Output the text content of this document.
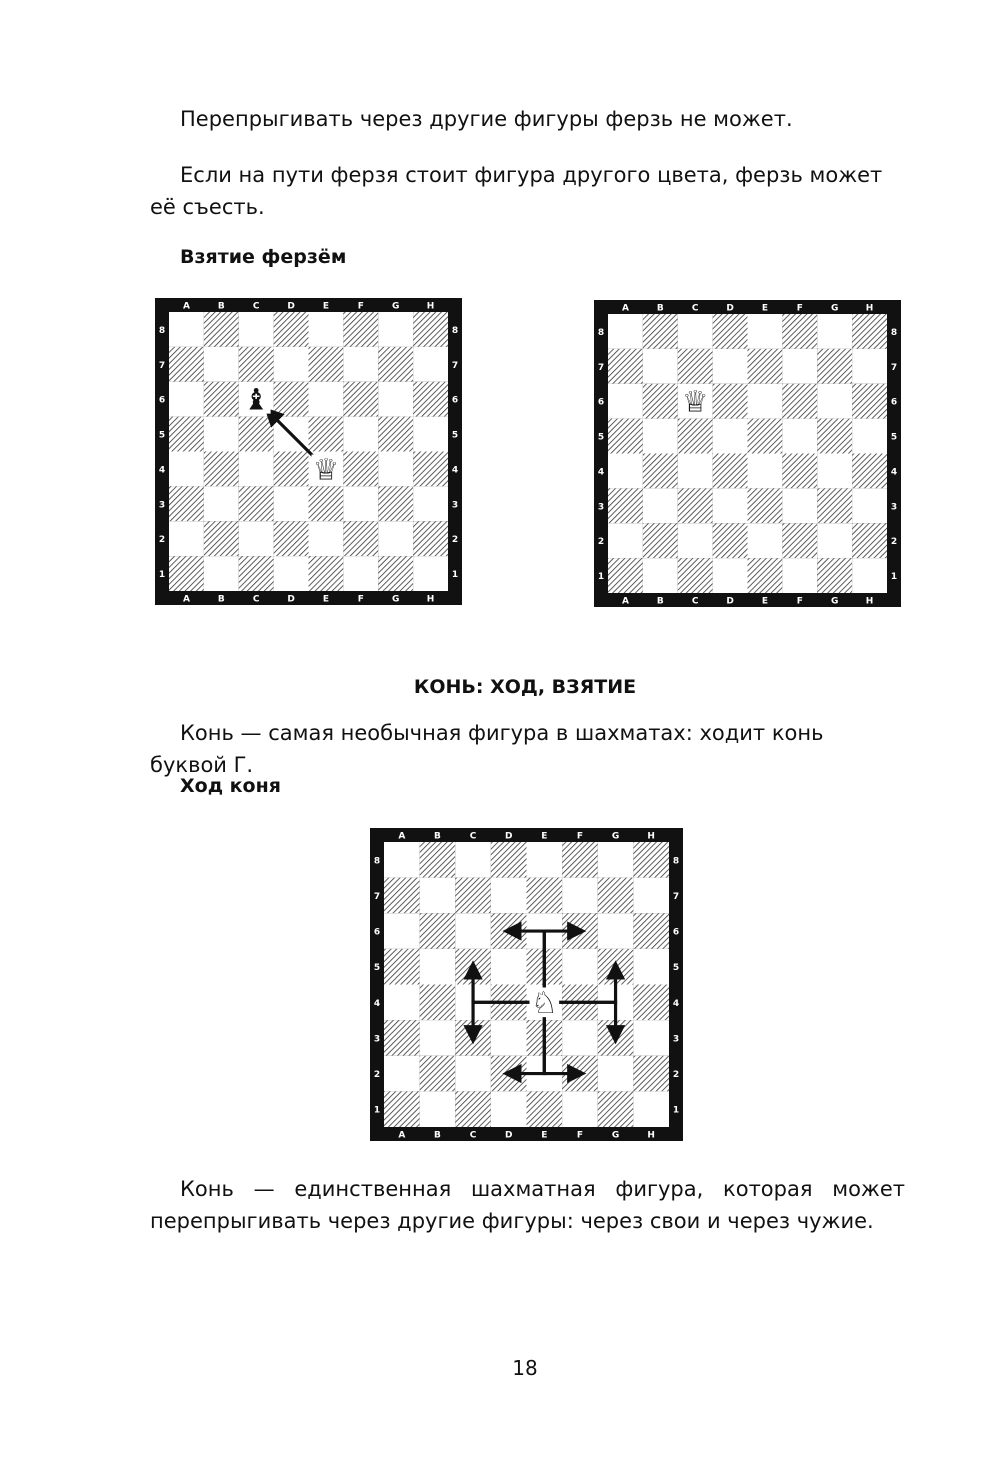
Перепрыгивать через другие фигуры ферзь не может.

Если на пути ферзя стоит фигура другого цвета, ферзь может её съесть.

Взятие ферзём

A
A
B
B
C
C
D
D
E
E
F
F
G
G
H
H
8	8
7	7
6	6
5	5
4	4
3	3
2	2
1	1
♝
♕
A
A
B
B
C
C
D
D
E
E
F
F
G
G
H
H
8	8
7	7
6	6
5	5
4	4
3	3
2	2
1	1
♕

КОНЬ: ХОД, ВЗЯТИЕ

Конь — самая необычная фигура в шахматах: ходит конь буквой Г.

Ход коня

A
A
B
B
C
C
D
D
E
E
F
F
G
G
H
H
8	8
7	7
6	6
5	5
4	4
3	3
2	2
1	1
♘

Конь — единственная шахматная фигура, которая может перепрыгивать через другие фигуры: через свои и через чужие.

18
